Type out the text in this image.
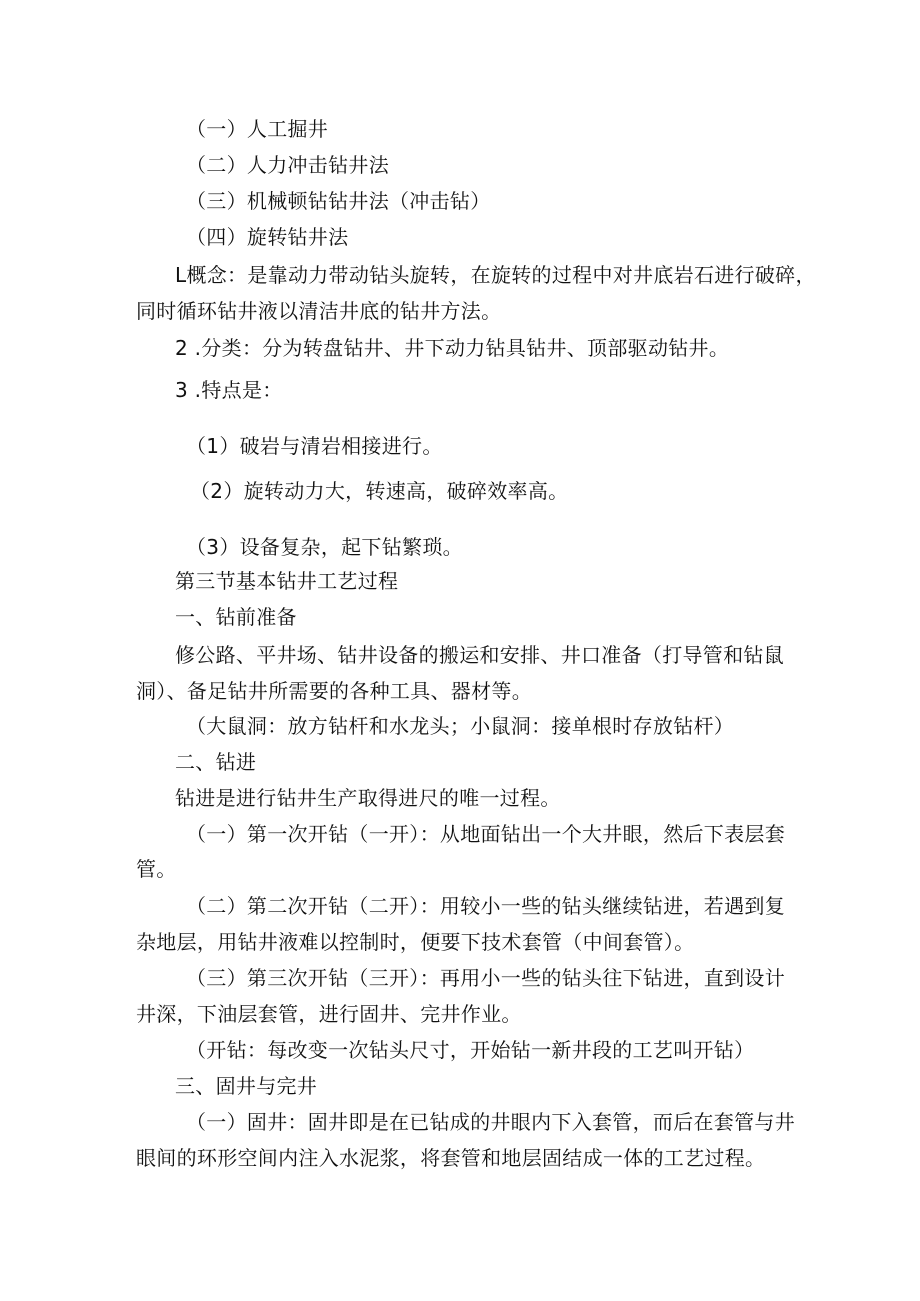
（一）人工掘井
（二）人力冲击钻井法
（三）机械顿钻钻井法（冲击钻）
（四）旋转钻井法
L概念：是靠动力带动钻头旋转，在旋转的过程中对井底岩石进行破碎，
同时循环钻井液以清洁井底的钻井方法。
2 .分类：分为转盘钻井、井下动力钻具钻井、顶部驱动钻井。
3 .特点是：
（1）破岩与清岩相接进行。
（2）旋转动力大，转速高，破碎效率高。
（3）设备复杂，起下钻繁琐。
第三节基本钻井工艺过程
一、钻前准备
修公路、平井场、钻井设备的搬运和安排、井口准备（打导管和钻鼠
洞）、备足钻井所需要的各种工具、器材等。
（大鼠洞：放方钻杆和水龙头；小鼠洞：接单根时存放钻杆）
二、钻进
钻进是进行钻井生产取得进尺的唯一过程。
（一）第一次开钻（一开）：从地面钻出一个大井眼，然后下表层套
管。
（二）第二次开钻（二开）：用较小一些的钻头继续钻进，若遇到复
杂地层，用钻井液难以控制时，便要下技术套管（中间套管）。
（三）第三次开钻（三开）：再用小一些的钻头往下钻进，直到设计
井深，下油层套管，进行固井、完井作业。
（开钻：每改变一次钻头尺寸，开始钻一新井段的工艺叫开钻）
三、固井与完井
（一）固井：固井即是在已钻成的井眼内下入套管，而后在套管与井
眼间的环形空间内注入水泥浆，将套管和地层固结成一体的工艺过程。
